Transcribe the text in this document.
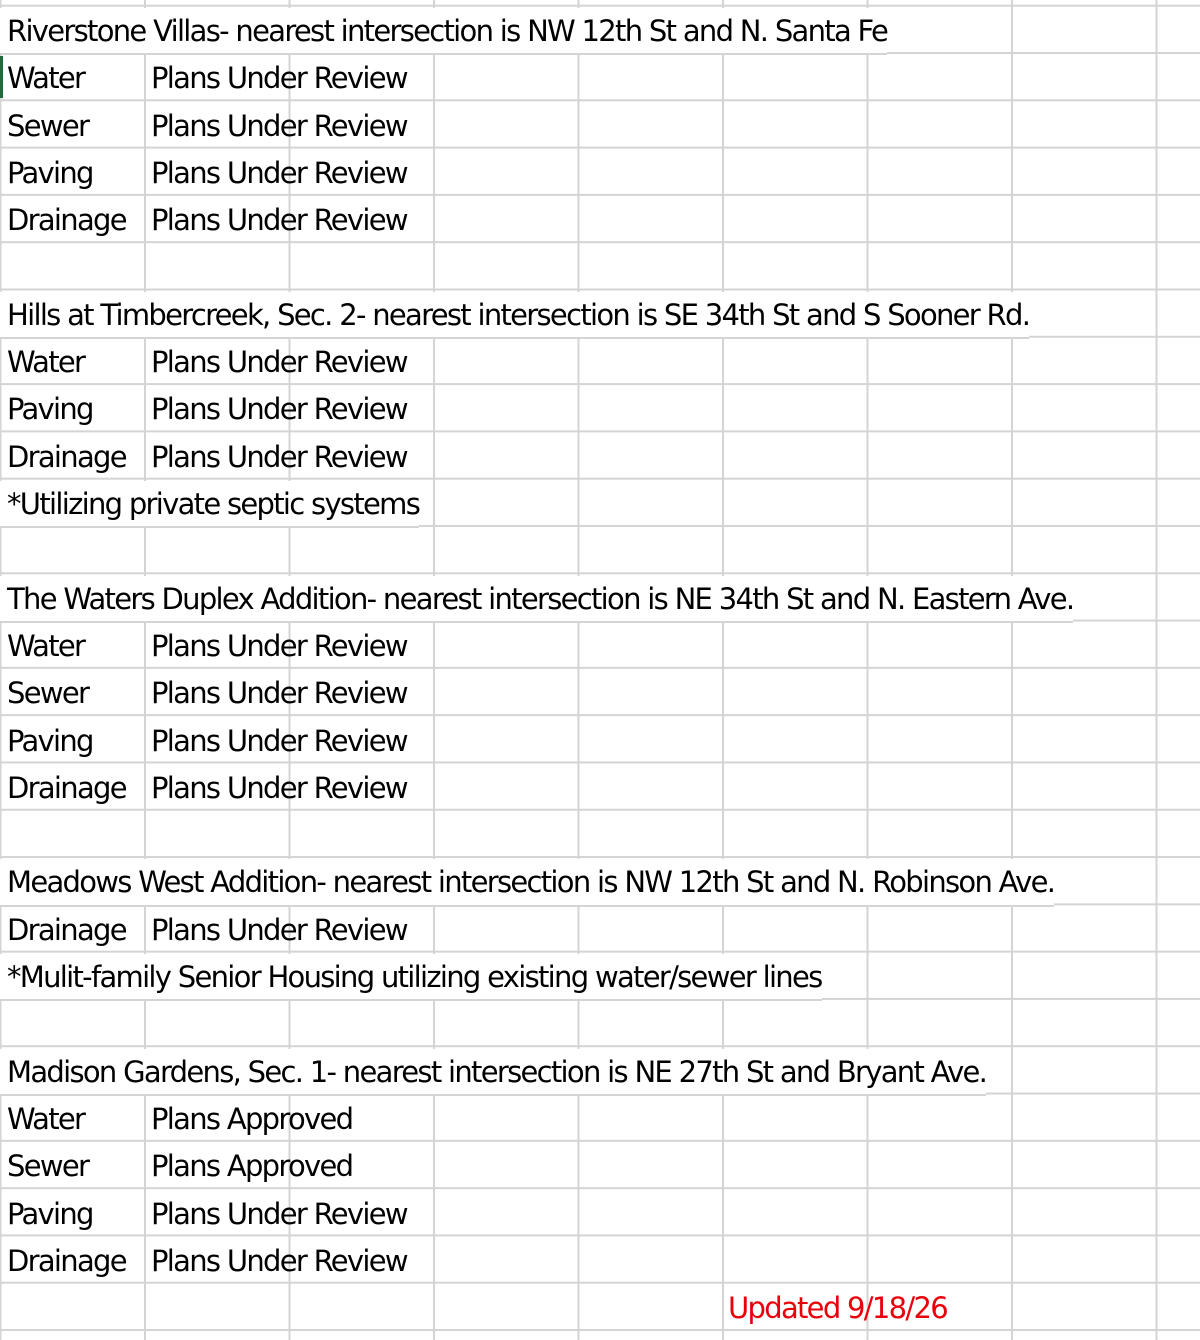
Riverstone Villas- nearest intersection is NW 12th St and N. Santa Fe
Water Plans Under Review
Sewer Plans Under Review
Paving Plans Under Review
Drainage Plans Under Review
Hills at Timbercreek, Sec. 2- nearest intersection is SE 34th St and S Sooner Rd.
Water Plans Under Review
Paving Plans Under Review
Drainage Plans Under Review
*Utilizing private septic systems
The Waters Duplex Addition- nearest intersection is NE 34th St and N. Eastern Ave.
Water Plans Under Review
Sewer Plans Under Review
Paving Plans Under Review
Drainage Plans Under Review
Meadows West Addition- nearest intersection is NW 12th St and N. Robinson Ave.
Drainage Plans Under Review
*Mulit-family Senior Housing utilizing existing water/sewer lines
Madison Gardens, Sec. 1- nearest intersection is NE 27th St and Bryant Ave.
Water Plans Approved
Sewer Plans Approved
Paving Plans Under Review
Drainage Plans Under Review
Updated 9/18/26
